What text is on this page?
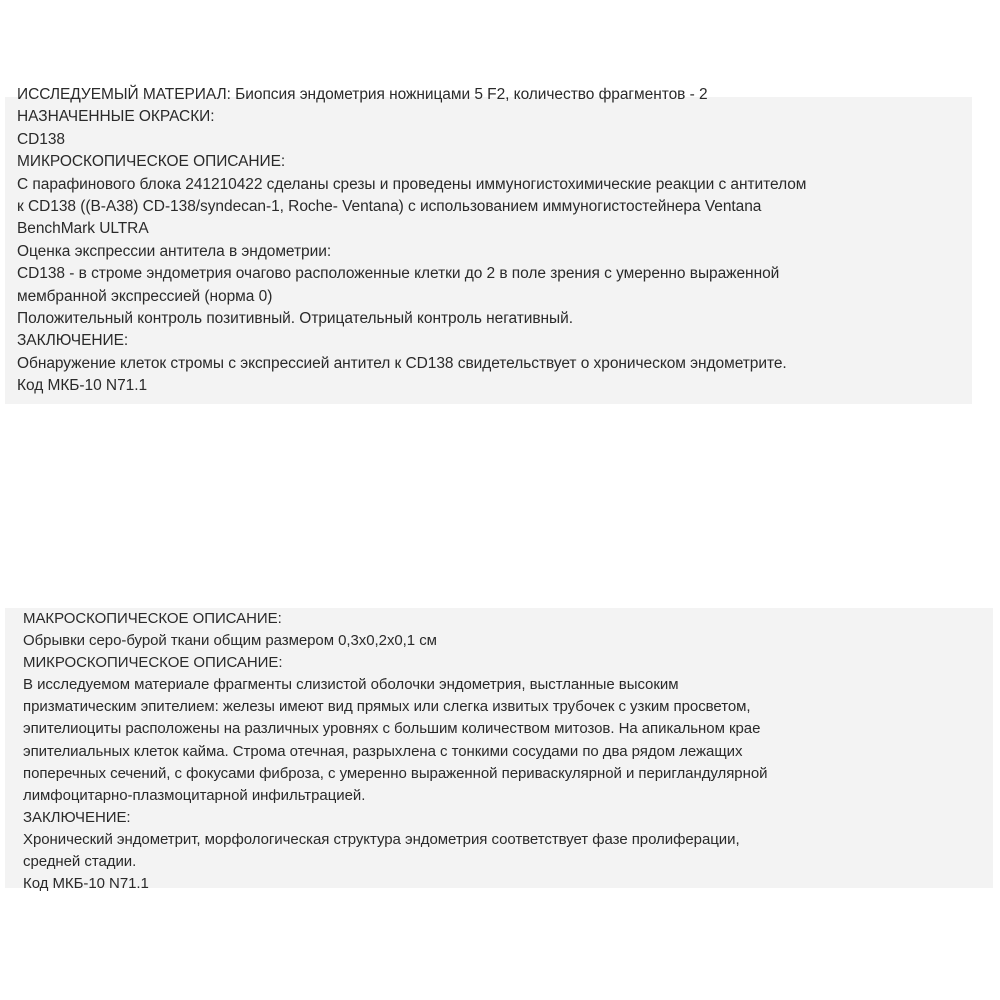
ИССЛЕДУЕМЫЙ МАТЕРИАЛ: Биопсия эндометрия ножницами 5 F2, количество фрагментов - 2
НАЗНАЧЕННЫЕ ОКРАСКИ:
CD138
МИКРОСКОПИЧЕСКОЕ ОПИСАНИЕ:
С парафинового блока 241210422 сделаны срезы и проведены иммуногистохимические реакции с антителом
к CD138 ((B-A38) CD-138/syndecan-1, Roche- Ventana) с использованием иммуногистостейнера Ventana
BenchMark ULTRA
Оценка экспрессии антитела в эндометрии:
CD138 - в строме эндометрия очагово расположенные клетки до 2 в поле зрения с умеренно выраженной
мембранной экспрессией (норма 0)
Положительный контроль позитивный. Отрицательный контроль негативный.
ЗАКЛЮЧЕНИЕ:
Обнаружение клеток стромы с экспрессией антител к CD138 свидетельствует о хроническом эндометрите.
Код МКБ-10 N71.1
МАКРОСКОПИЧЕСКОЕ ОПИСАНИЕ:
Обрывки серо-бурой ткани общим размером 0,3х0,2х0,1 см
МИКРОСКОПИЧЕСКОЕ ОПИСАНИЕ:
В исследуемом материале фрагменты слизистой оболочки эндометрия, выстланные высоким
призматическим эпителием: железы имеют вид прямых или слегка извитых трубочек с узким просветом,
эпителиоциты расположены на различных уровнях с большим количеством митозов. На апикальном крае
эпителиальных клеток кайма. Строма отечная, разрыхлена с тонкими сосудами по два рядом лежащих
поперечных сечений, с фокусами фиброза, с умеренно выраженной периваскулярной и перигландулярной
лимфоцитарно-плазмоцитарной инфильтрацией.
ЗАКЛЮЧЕНИЕ:
Хронический эндометрит, морфологическая структура эндометрия соответствует фазе пролиферации,
средней стадии.
Код МКБ-10 N71.1
